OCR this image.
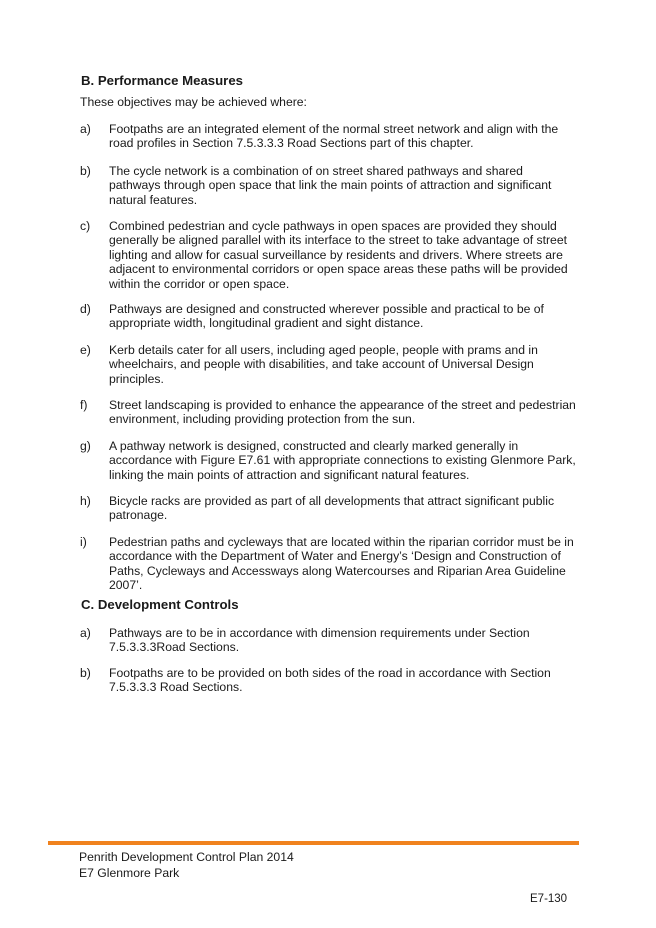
B. Performance Measures

These objectives may be achieved where:

a)	Footpaths are an integrated element of the normal street network and align with the road profiles in Section 7.5.3.3.3 Road Sections part of this chapter.
b)	The cycle network is a combination of on street shared pathways and shared pathways through open space that link the main points of attraction and significant natural features.
c)	Combined pedestrian and cycle pathways in open spaces are provided they should generally be aligned parallel with its interface to the street to take advantage of street lighting and allow for casual surveillance by residents and drivers. Where streets are adjacent to environmental corridors or open space areas these paths will be provided within the corridor or open space.
d)	Pathways are designed and constructed wherever possible and practical to be of appropriate width, longitudinal gradient and sight distance.
e)	Kerb details cater for all users, including aged people, people with prams and in wheelchairs, and people with disabilities, and take account of Universal Design principles.
f)	Street landscaping is provided to enhance the appearance of the street and pedestrian environment, including providing protection from the sun.
g)	A pathway network is designed, constructed and clearly marked generally in accordance with Figure E7.61 with appropriate connections to existing Glenmore Park, linking the main points of attraction and significant natural features.
h)	Bicycle racks are provided as part of all developments that attract significant public patronage.
i)	Pedestrian paths and cycleways that are located within the riparian corridor must be in accordance with the Department of Water and Energy’s ‘Design and Construction of Paths, Cycleways and Accessways along Watercourses and Riparian Area Guideline 2007’.
C. Development Controls
a)	Pathways are to be in accordance with dimension requirements under Section 7.5.3.3.3Road Sections.
b)	Footpaths are to be provided on both sides of the road in accordance with Section 7.5.3.3.3 Road Sections.

Penrith Development Control Plan 2014

E7 Glenmore Park

E7-130
